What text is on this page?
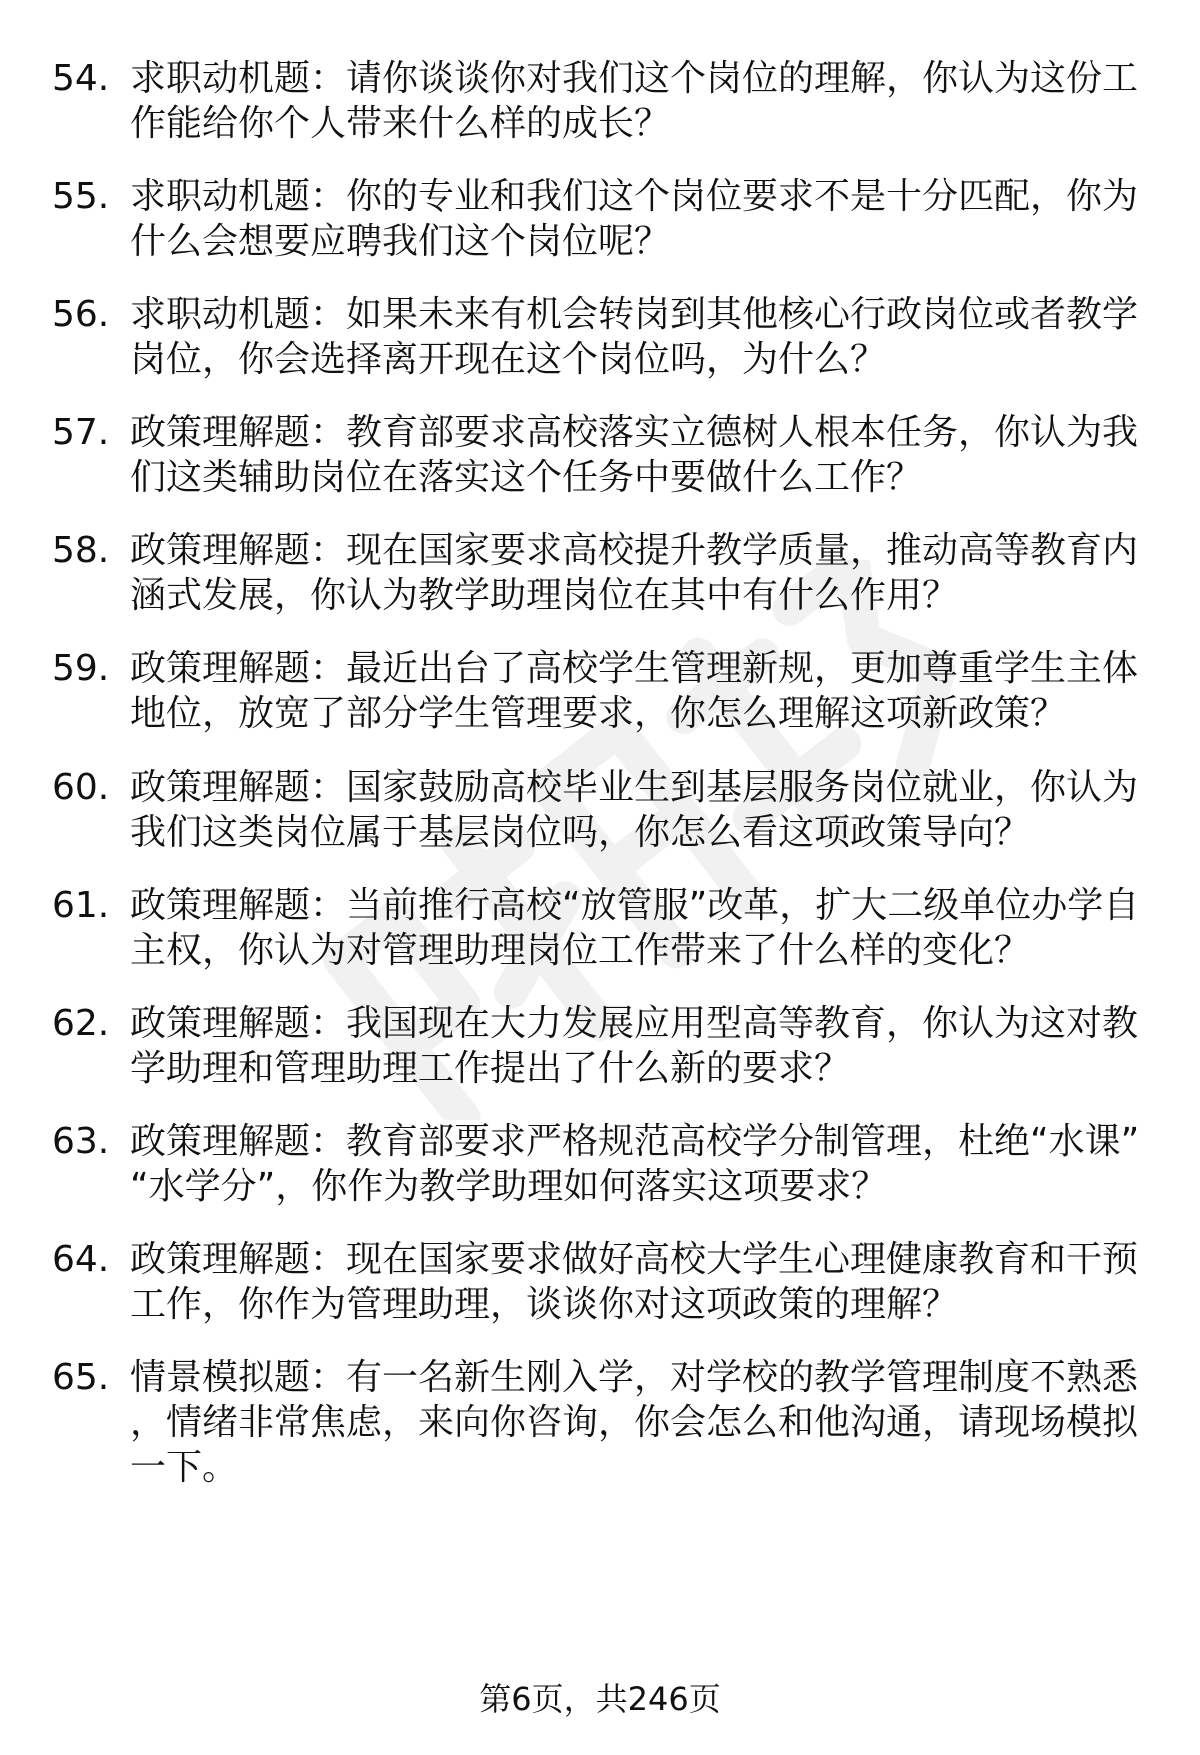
54. 求职动机题：请你谈谈你对我们这个岗位的理解，你认为这份工作能给你个人带来什么样的成长？
55. 求职动机题：你的专业和我们这个岗位要求不是十分匹配，你为什么会想要应聘我们这个岗位呢？
56. 求职动机题：如果未来有机会转岗到其他核心行政岗位或者教学岗位，你会选择离开现在这个岗位吗，为什么？
57. 政策理解题：教育部要求高校落实立德树人根本任务，你认为我们这类辅助岗位在落实这个任务中要做什么工作？
58. 政策理解题：现在国家要求高校提升教学质量，推动高等教育内涵式发展，你认为教学助理岗位在其中有什么作用？
59. 政策理解题：最近出台了高校学生管理新规，更加尊重学生主体地位，放宽了部分学生管理要求，你怎么理解这项新政策？
60. 政策理解题：国家鼓励高校毕业生到基层服务岗位就业，你认为我们这类岗位属于基层岗位吗，你怎么看这项政策导向？
61. 政策理解题：当前推行高校“放管服”改革，扩大二级单位办学自主权，你认为对管理助理岗位工作带来了什么样的变化？
62. 政策理解题：我国现在大力发展应用型高等教育，你认为这对教学助理和管理助理工作提出了什么新的要求？
63. 政策理解题：教育部要求严格规范高校学分制管理，杜绝“水课”“水学分”，你作为教学助理如何落实这项要求？
64. 政策理解题：现在国家要求做好高校大学生心理健康教育和干预工作，你作为管理助理，谈谈你对这项政策的理解？
65. 情景模拟题：有一名新生刚入学，对学校的教学管理制度不熟悉，情绪非常焦虑，来向你咨询，你会怎么和他沟通，请现场模拟一下。
第6页，共246页
